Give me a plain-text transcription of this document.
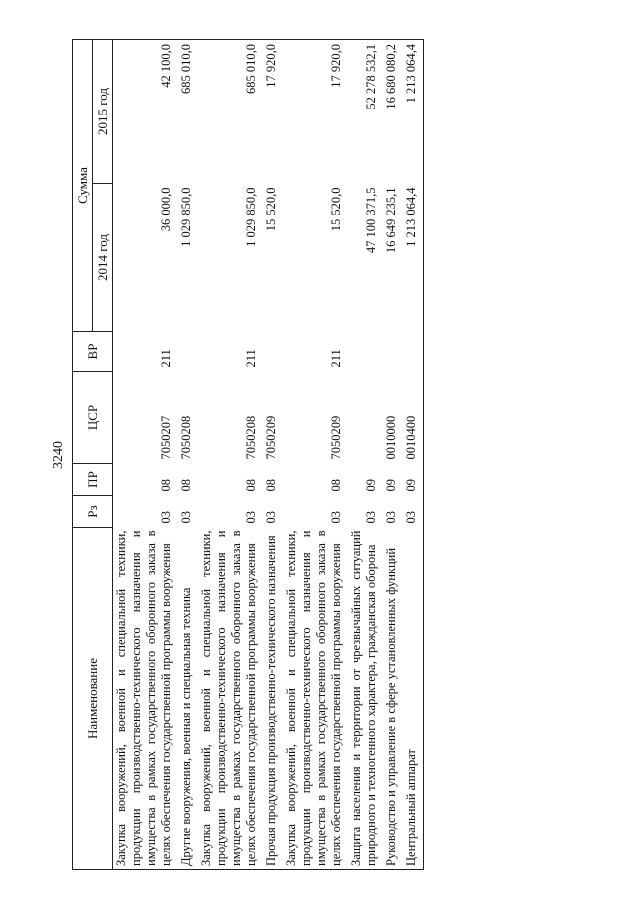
3240
Наименование	Рз	ПР	ЦСР	ВР	Сумма	
					2014 год	2015 год
Закупка вооружений, военной и специальной техники, продукции производственно-технического назначения и имущества в рамках государственного оборонного заказа в целях обеспечения государственной программы вооружения	03	08	7050207	211	36 000,0	42 100,0
Другие вооружения, военная и специальная техника	03	08	7050208		1 029 850,0	685 010,0
Закупка вооружений, военной и специальной техники, продукции производственно-технического назначения и имущества в рамках государственного оборонного заказа в целях обеспечения государственной программы вооружения	03	08	7050208	211	1 029 850,0	685 010,0
Прочая продукция производственно-технического назначения	03	08	7050209		15 520,0	17 920,0
Закупка вооружений, военной и специальной техники, продукции производственно-технического назначения и имущества в рамках государственного оборонного заказа в целях обеспечения государственной программы вооружения	03	08	7050209	211	15 520,0	17 920,0
Защита населения и территории от чрезвычайных ситуаций природного и техногенного характера, гражданская оборона	03	09			47 100 371,5	52 278 532,1
Руководство и управление в сфере установленных функций	03	09	0010000		16 649 235,1	16 680 080,2
Центральный аппарат	03	09	0010400		1 213 064,4	1 213 064,4
